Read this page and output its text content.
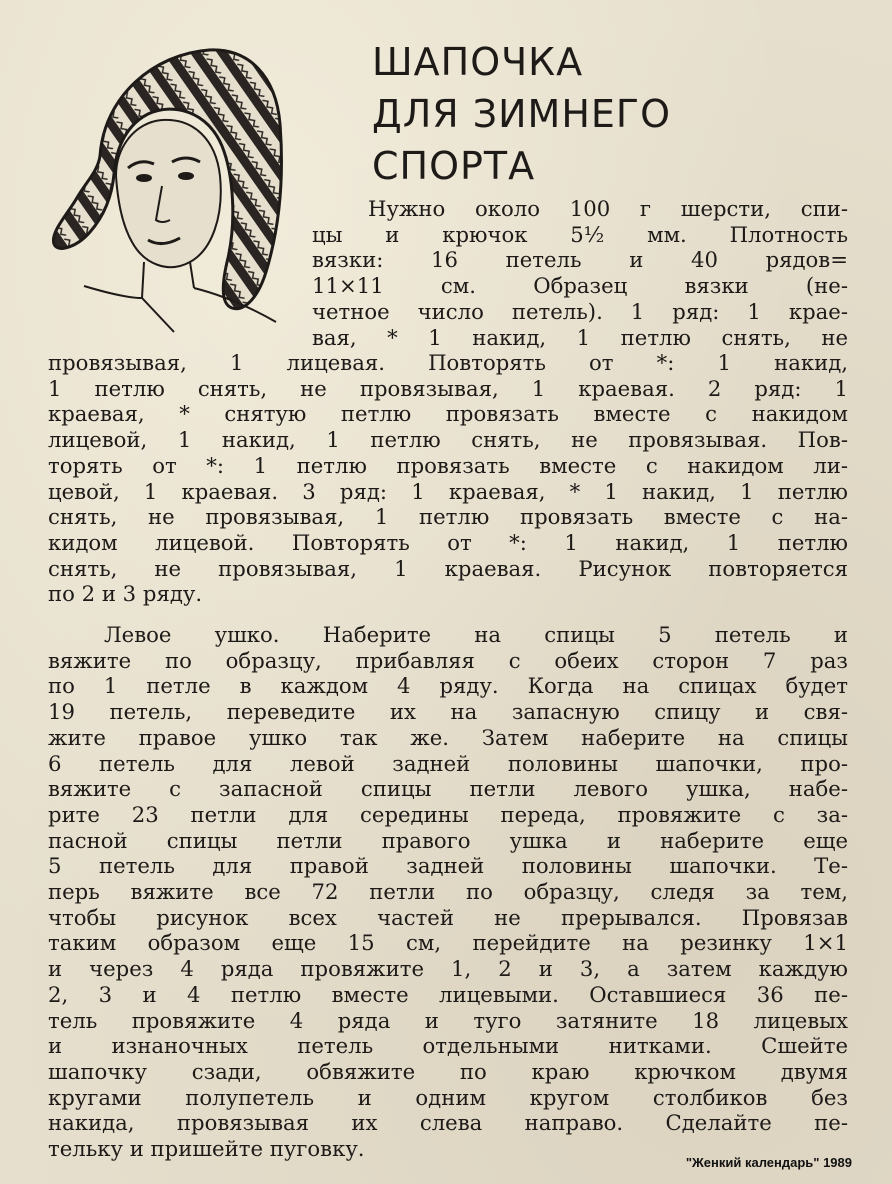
ШАПОЧКА
ДЛЯ ЗИМНЕГО
СПОРТА
Нужно около 100 г шерсти, спи-
цы и крючок 5½ мм. Плотность
вязки: 16 петель и 40 рядов=
11×11 см. Образец вязки (не-
четное число петель). 1 ряд: 1 крае-
вая, * 1 накид, 1 петлю снять, не
провязывая, 1 лицевая. Повторять от *: 1 накид,
1 петлю снять, не провязывая, 1 краевая. 2 ряд: 1
краевая, * снятую петлю провязать вместе с накидом
лицевой, 1 накид, 1 петлю снять, не провязывая. Пов-
торять от *: 1 петлю провязать вместе с накидом ли-
цевой, 1 краевая. 3 ряд: 1 краевая, * 1 накид, 1 петлю
снять, не провязывая, 1 петлю провязать вместе с на-
кидом лицевой. Повторять от *: 1 накид, 1 петлю
снять, не провязывая, 1 краевая. Рисунок повторяется
по 2 и 3 ряду.
Левое ушко. Наберите на спицы 5 петель и
вяжите по образцу, прибавляя с обеих сторон 7 раз
по 1 петле в каждом 4 ряду. Когда на спицах будет
19 петель, переведите их на запасную спицу и свя-
жите правое ушко так же. Затем наберите на спицы
6 петель для левой задней половины шапочки, про-
вяжите с запасной спицы петли левого ушка, набе-
рите 23 петли для середины переда, провяжите с за-
пасной спицы петли правого ушка и наберите еще
5 петель для правой задней половины шапочки. Те-
перь вяжите все 72 петли по образцу, следя за тем,
чтобы рисунок всех частей не прерывался. Провязав
таким образом еще 15 см, перейдите на резинку 1×1
и через 4 ряда провяжите 1, 2 и 3, а затем каждую
2, 3 и 4 петлю вместе лицевыми. Оставшиеся 36 пе-
тель провяжите 4 ряда и туго затяните 18 лицевых
и изнаночных петель отдельными нитками. Сшейте
шапочку сзади, обвяжите по краю крючком двумя
кругами полупетель и одним кругом столбиков без
накида, провязывая их слева направо. Сделайте пе-
тельку и пришейте пуговку.
"Женкий календарь" 1989
